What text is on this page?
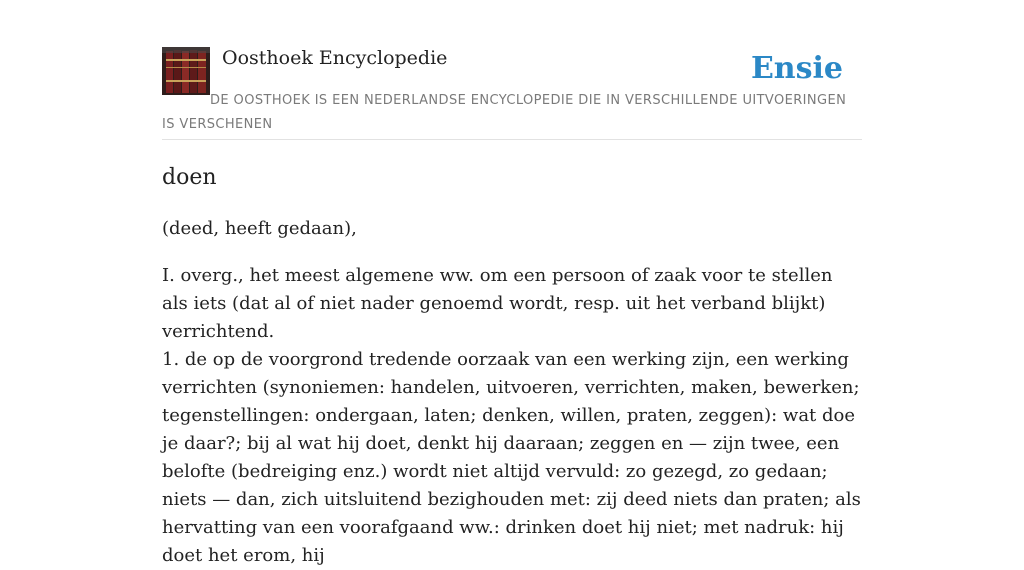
Oosthoek Encyclopedie	Ensie

DE OOSTHOEK IS EEN NEDERLANDSE ENCYCLOPEDIE DIE IN VERSCHILLENDE UITVOERINGEN IS VERSCHENEN

doen

(deed, heeft gedaan),

I. overg., het meest algemene ww. om een persoon of zaak voor te stellen als iets (dat al of niet nader genoemd wordt, resp. uit het verband blijkt) verrichtend.
1. de op de voorgrond tredende oorzaak van een werking zijn, een werking verrichten (synoniemen: handelen, uitvoeren, verrichten, maken, bewerken; tegenstellingen: ondergaan, laten; denken, willen, praten, zeggen): wat doe je daar?; bij al wat hij doet, denkt hij daaraan; zeggen en — zijn twee, een belofte (bedreiging enz.) wordt niet altijd vervuld: zo gezegd, zo gedaan; niets — dan, zich uitsluitend bezighouden met: zij deed niets dan praten; als hervatting van een voorafgaand ww.: drinken doet hij niet; met nadruk: hij doet het erom, hij
